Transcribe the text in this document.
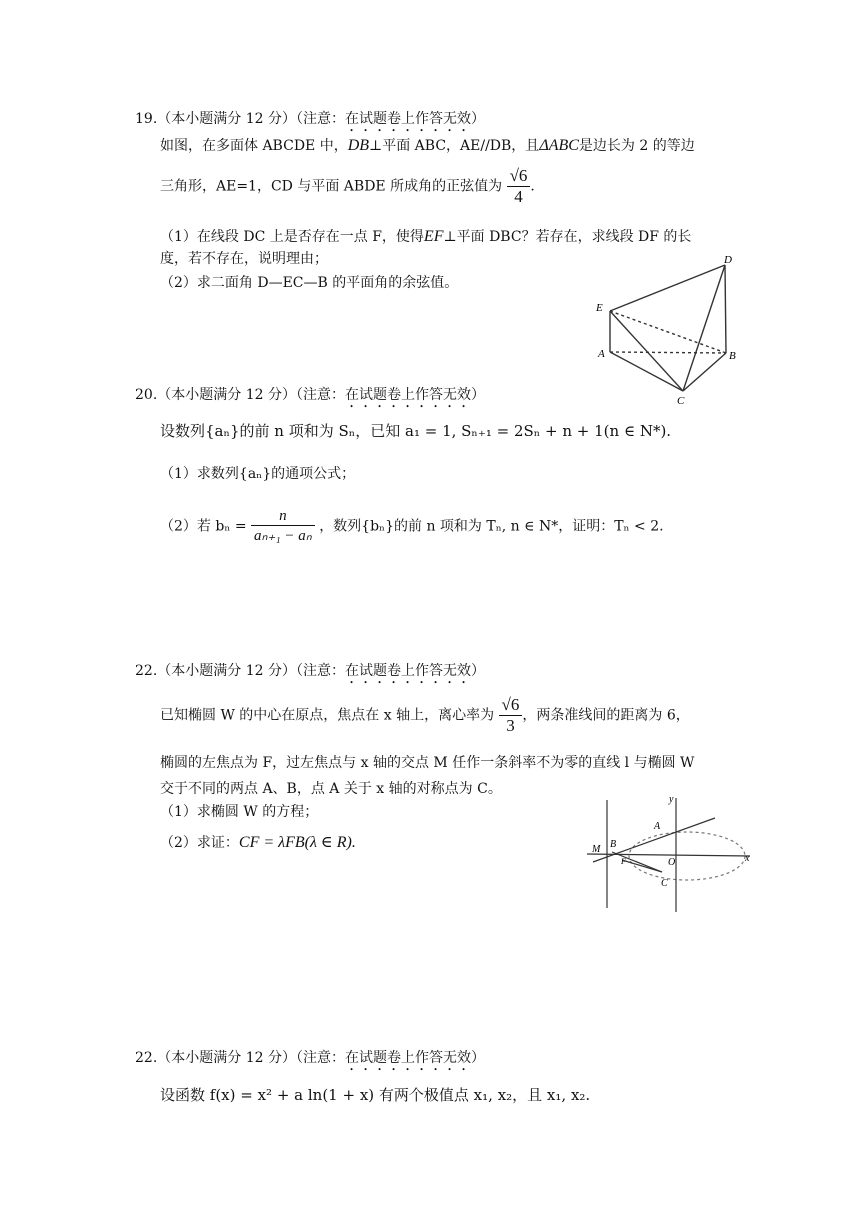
19.（本小题满分 12 分）（注意：在试题卷上作答无效）
如图，在多面体 ABCDE 中，DB⊥平面 ABC，AE//DB，且ΔABC是边长为 2 的等边
三角形，AE=1，CD 与平面 ABDE 所成角的正弦值为 $\frac{√6}{4}$ .
（1）在线段 DC 上是否存在一点 F，使得EF⊥平面 DBC？若存在，求线段 DF 的长
度，若不存在，说明理由；
（2）求二面角 D—EC—B 的平面角的余弦值。
D
E
A	B
C
20.（本小题满分 12 分）（注意：在试题卷上作答无效）
设数列{aₙ}的前 n 项和为 Sₙ，已知 a₁ = 1, Sₙ₊₁ = 2Sₙ + n + 1(n ∈ N*).
（1）求数列{aₙ}的通项公式；
（2）若 $b_n = \frac{n}{\text{aₙ₊₁ − aₙ}}$ ，数列{bₙ}的前 n 项和为 Tₙ, n ∈ N*，证明：Tₙ < 2.
22.（本小题满分 12 分）（注意：在试题卷上作答无效）
已知椭圆 W 的中心在原点，焦点在 x 轴上，离心率为 $\frac{√6}{3}$ ，两条准线间的距离为 6，
椭圆的左焦点为 F，过左焦点与 x 轴的交点 M 任作一条斜率不为零的直线 l 与椭圆 W
交于不同的两点 A、B，点 A 关于 x 轴的对称点为 C。
（1）求椭圆 W 的方程；
（2）求证：CF = λFB(λ ∈ R).
y
M B
A
O	x
C
F
22.（本小题满分 12 分）（注意：在试题卷上作答无效）
设函数 f(x) = x² + a ln(1 + x) 有两个极值点 x₁, x₂，且 x₁, x₂.
